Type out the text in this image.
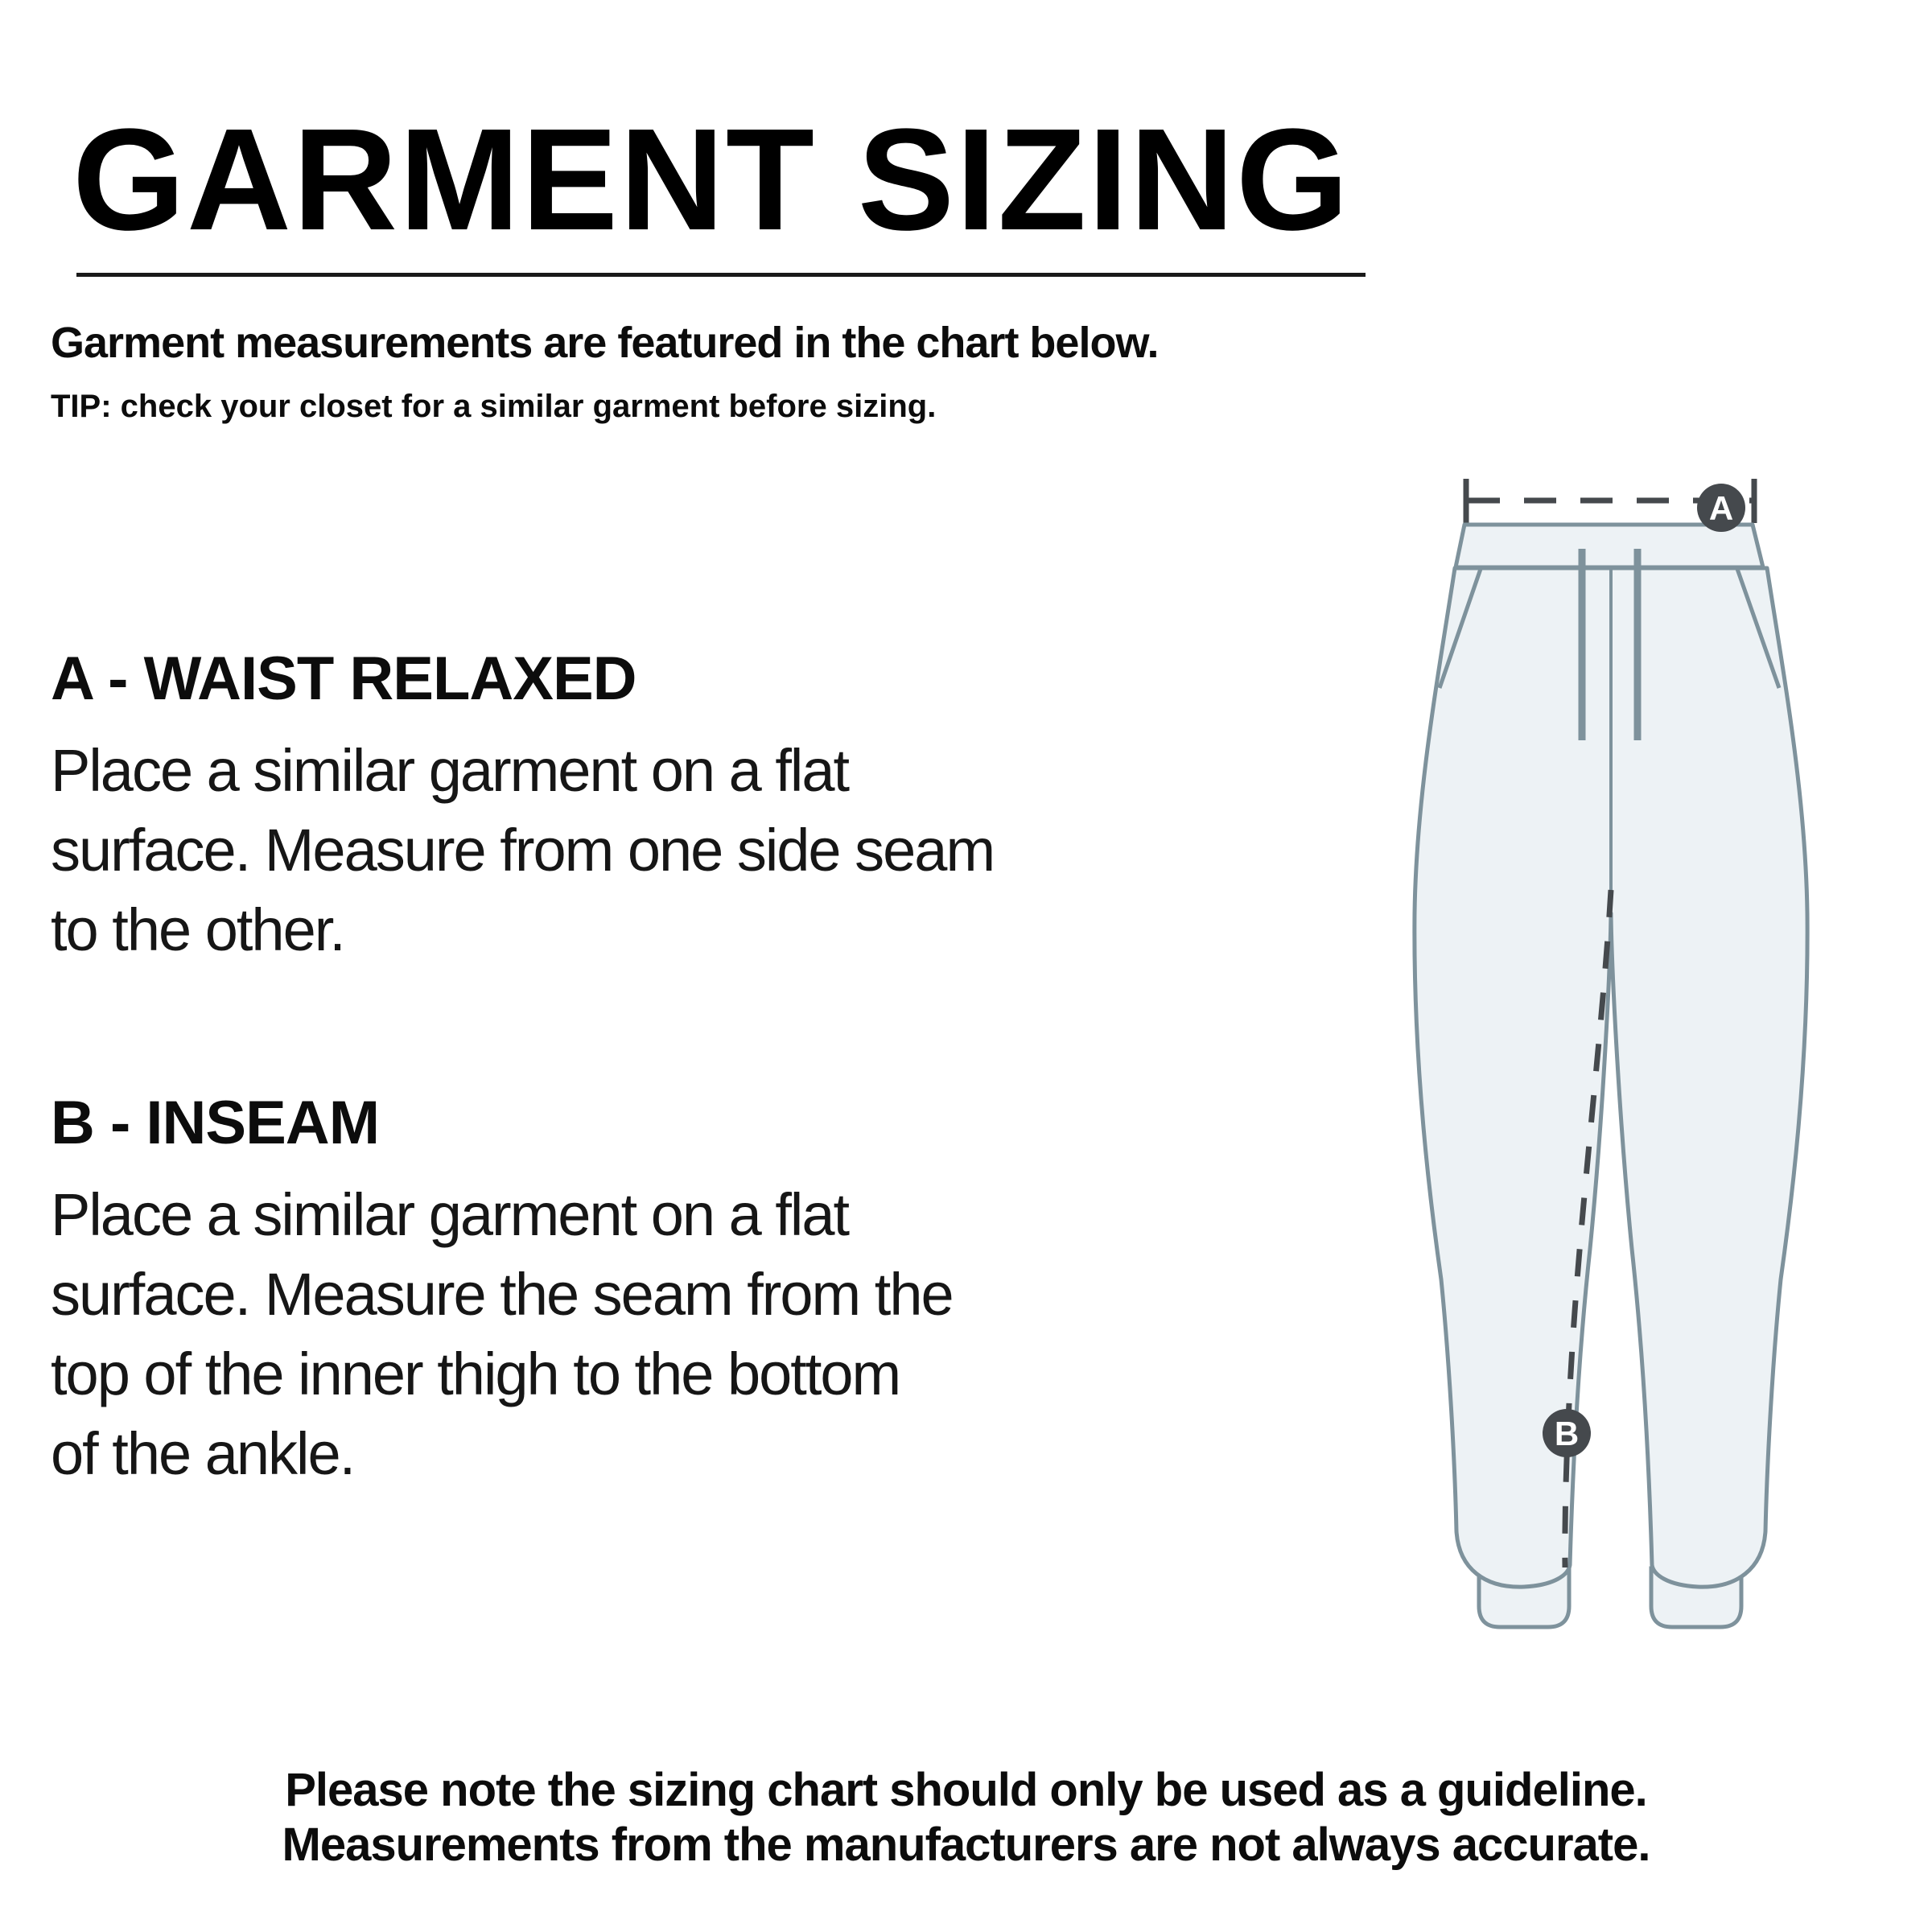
GARMENT SIZING

Garment measurements are featured in the chart below.

TIP: check your closet for a similar garment before sizing.

A - WAIST RELAXED
Place a similar garment on a flat
surface. Measure from one side seam
to the other.
B - INSEAM
Place a similar garment on a flat
surface. Measure the seam from the
top of the inner thigh to the bottom
of the ankle.
A
B
Please note the sizing chart should only be used as a guideline.
Measurements from the manufacturers are not always accurate.
